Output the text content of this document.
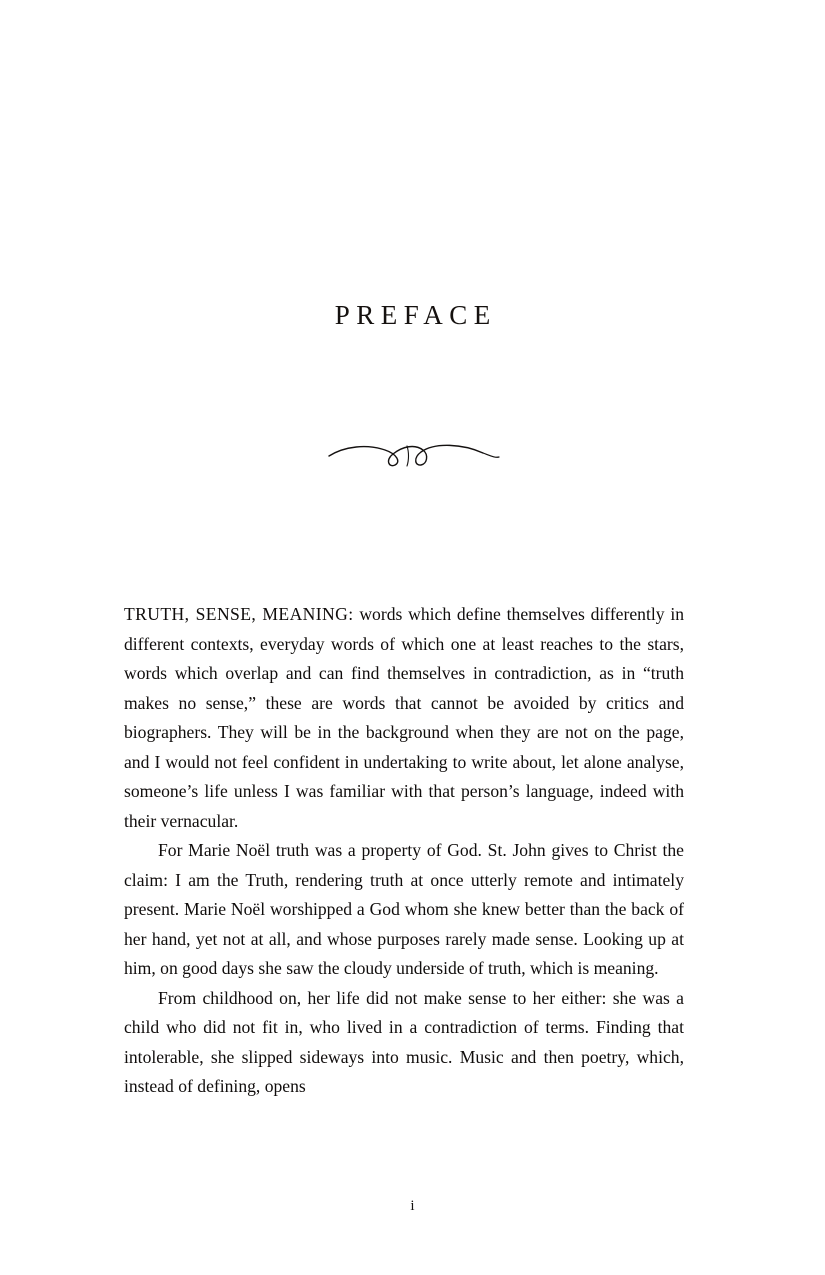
PREFACE

TRUTH, SENSE, MEANING: words which define themselves differently in different contexts, everyday words of which one at least reaches to the stars, words which overlap and can find themselves in contradiction, as in “truth makes no sense,” these are words that cannot be avoided by critics and biographers. They will be in the background when they are not on the page, and I would not feel confident in undertaking to write about, let alone analyse, someone’s life unless I was familiar with that person’s language, indeed with their vernacular.

For Marie Noël truth was a property of God. St. John gives to Christ the claim: I am the Truth, rendering truth at once utterly remote and intimately present. Marie Noël worshipped a God whom she knew better than the back of her hand, yet not at all, and whose purposes rarely made sense. Looking up at him, on good days she saw the cloudy underside of truth, which is meaning.

From childhood on, her life did not make sense to her either: she was a child who did not fit in, who lived in a contradiction of terms. Finding that intolerable, she slipped sideways into music. Music and then poetry, which, instead of defining, opens

i
